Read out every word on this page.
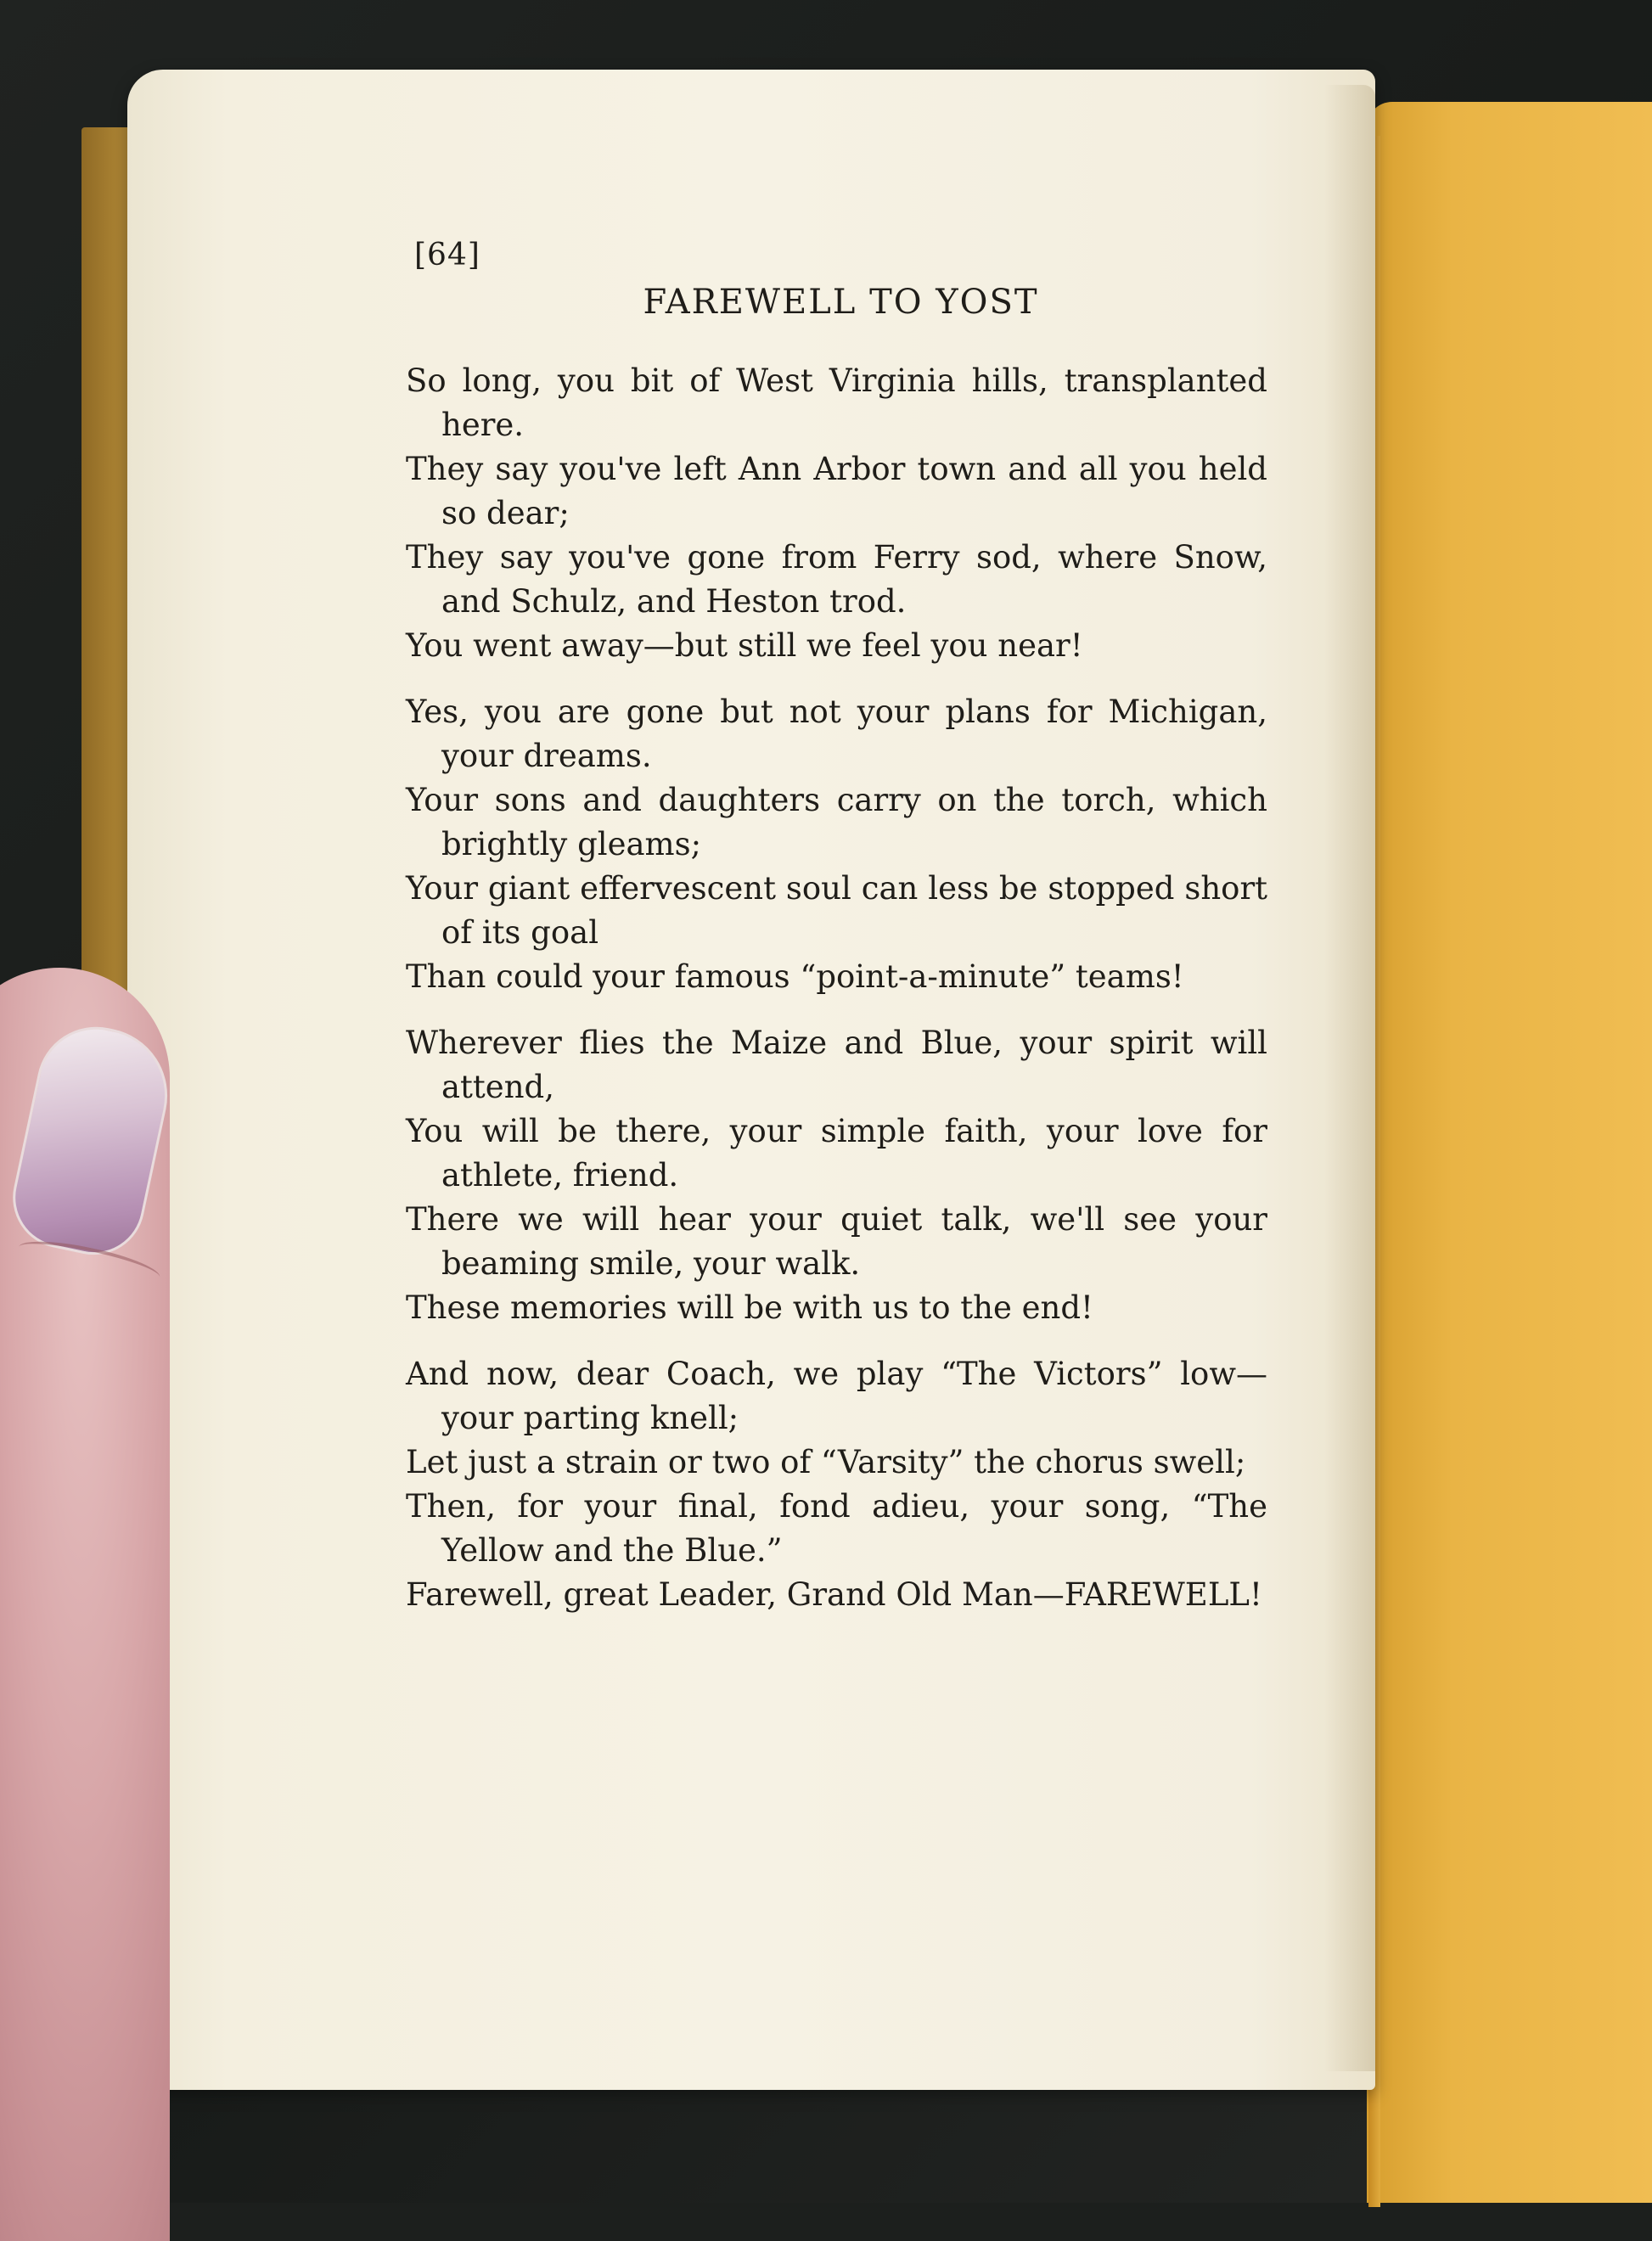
[64]
FAREWELL TO YOST
So long, you bit of West Virginia hills, transplanted here.
They say you've left Ann Arbor town and all you held so dear;
They say you've gone from Ferry sod, where Snow, and Schulz, and Heston trod.
You went away—but still we feel you near!
Yes, you are gone but not your plans for Michigan, your dreams.
Your sons and daughters carry on the torch, which brightly gleams;
Your giant effervescent soul can less be stopped short of its goal
Than could your famous “point-a-minute” teams!
Wherever flies the Maize and Blue, your spirit will attend,
You will be there, your simple faith, your love for athlete, friend.
There we will hear your quiet talk, we'll see your beaming smile, your walk.
These memories will be with us to the end!
And now, dear Coach, we play “The Victors” low—your parting knell;
Let just a strain or two of “Varsity” the chorus swell;
Then, for your final, fond adieu, your song, “The Yellow and the Blue.”
Farewell, great Leader, Grand Old Man—FAREWELL!
